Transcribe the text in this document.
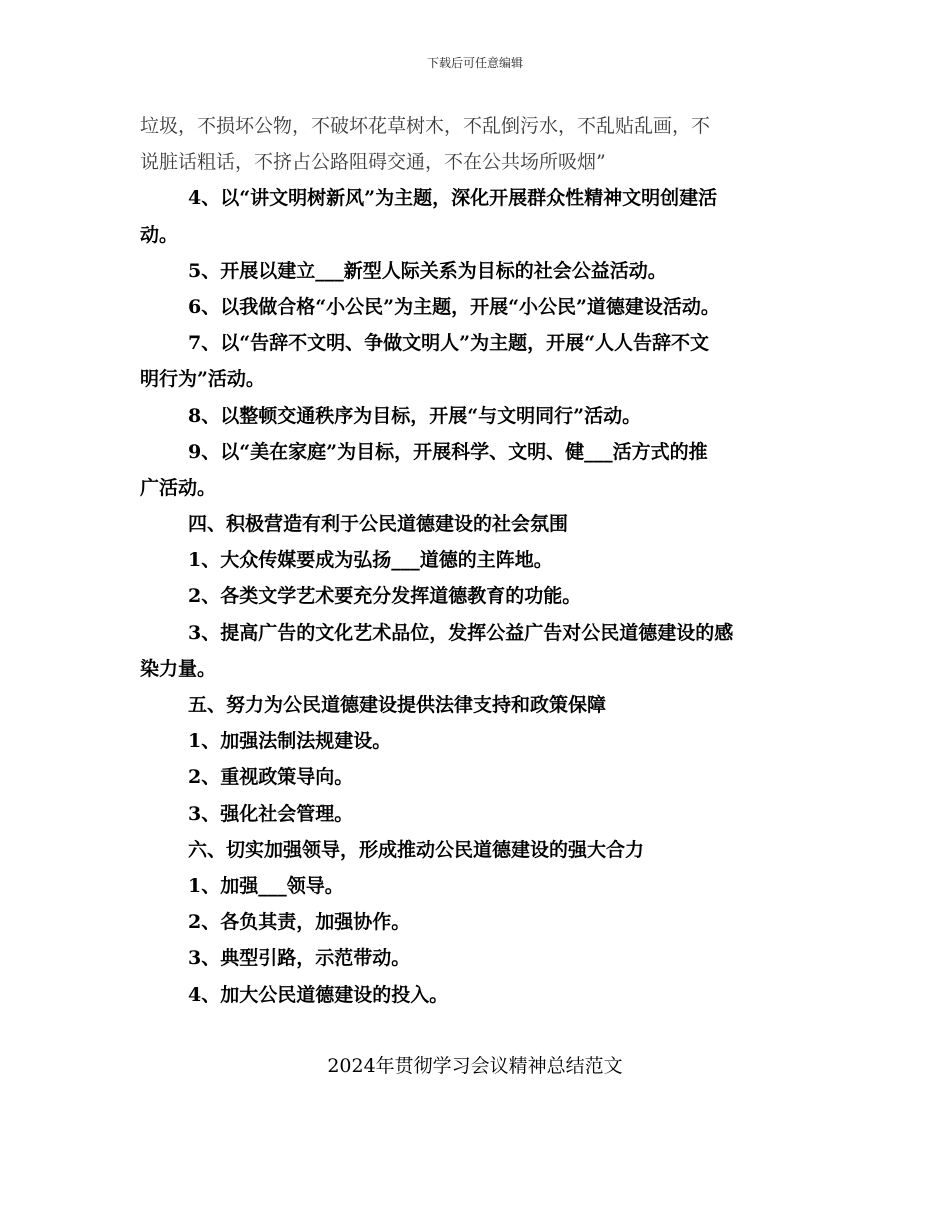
下载后可任意编辑
垃圾，不损坏公物，不破坏花草树木，不乱倒污水，不乱贴乱画，不
说脏话粗话，不挤占公路阻碍交通，不在公共场所吸烟”
4、以“讲文明树新风”为主题，深化开展群众性精神文明创建活
动。
5、开展以建立___新型人际关系为目标的社会公益活动。
6、以我做合格“小公民”为主题，开展“小公民”道德建设活动。
7、以“告辞不文明、争做文明人”为主题，开展“人人告辞不文
明行为”活动。
8、以整顿交通秩序为目标，开展“与文明同行”活动。
9、以“美在家庭”为目标，开展科学、文明、健___活方式的推
广活动。
四、积极营造有利于公民道德建设的社会氛围
1、大众传媒要成为弘扬___道德的主阵地。
2、各类文学艺术要充分发挥道德教育的功能。
3、提高广告的文化艺术品位，发挥公益广告对公民道德建设的感
染力量。
五、努力为公民道德建设提供法律支持和政策保障
1、加强法制法规建设。
2、重视政策导向。
3、强化社会管理。
六、切实加强领导，形成推动公民道德建设的强大合力
1、加强___领导。
2、各负其责，加强协作。
3、典型引路，示范带动。
4、加大公民道德建设的投入。
2024年贯彻学习会议精神总结范文
